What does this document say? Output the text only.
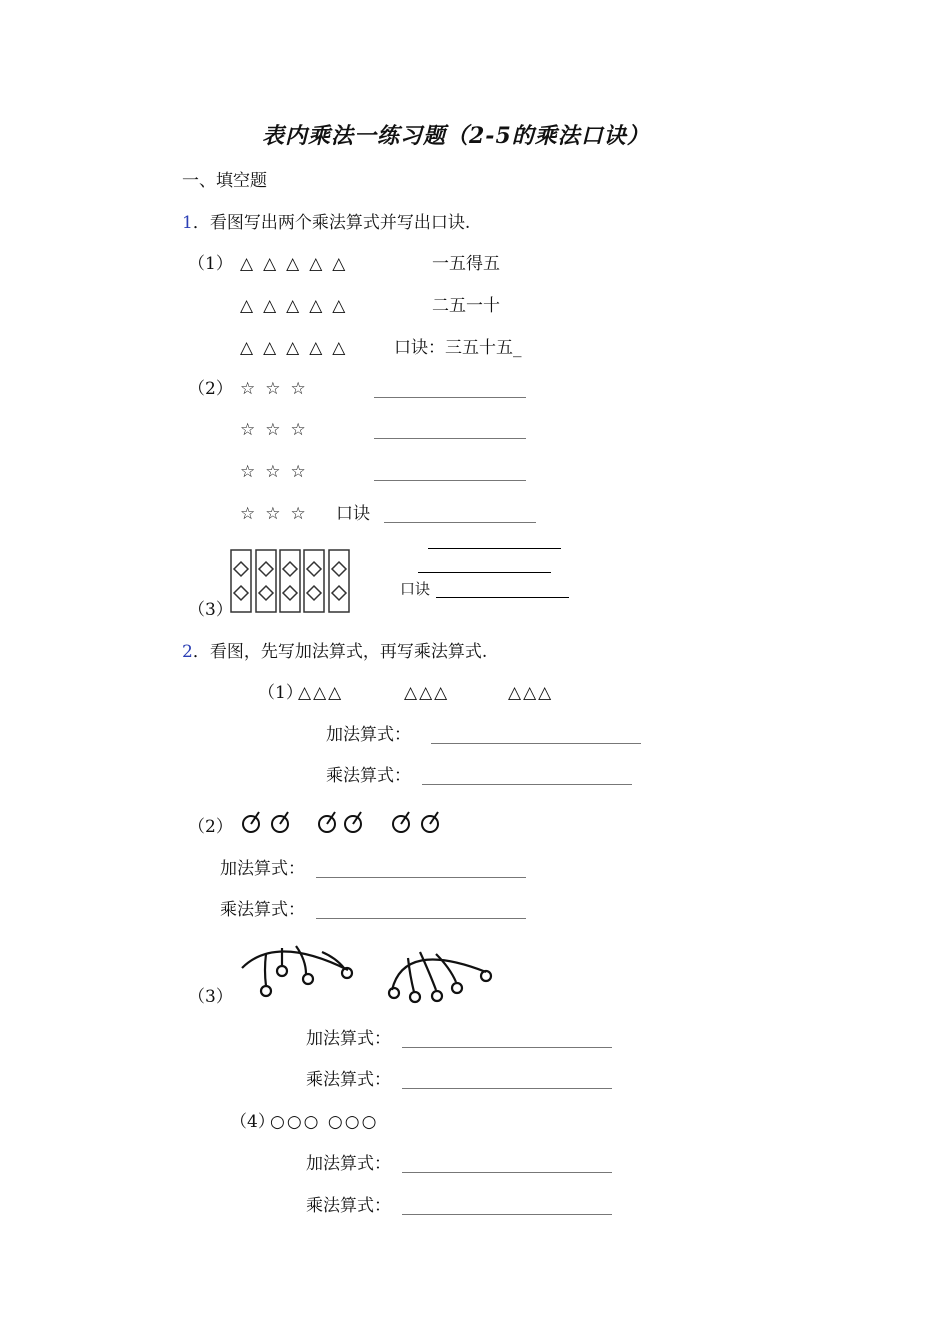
表内乘法一练习题（2-5的乘法口诀）
一、填空题
1．看图写出两个乘法算式并写出口诀.
（1） △△△△△	一五得五
△△△△△	二五一十
△△△△△ 口诀：三五十五_
（2） ☆☆☆
☆☆☆
☆☆☆
☆☆☆ 口诀
（3）
口诀
2．看图，先写加法算式，再写乘法算式.
（1）
△△△	△△△	△△△
加法算式：
乘法算式：
（2）
加法算式：
乘法算式：
（3）
加法算式：
乘法算式：
（4）
○○○ ○○○
加法算式：
乘法算式：
